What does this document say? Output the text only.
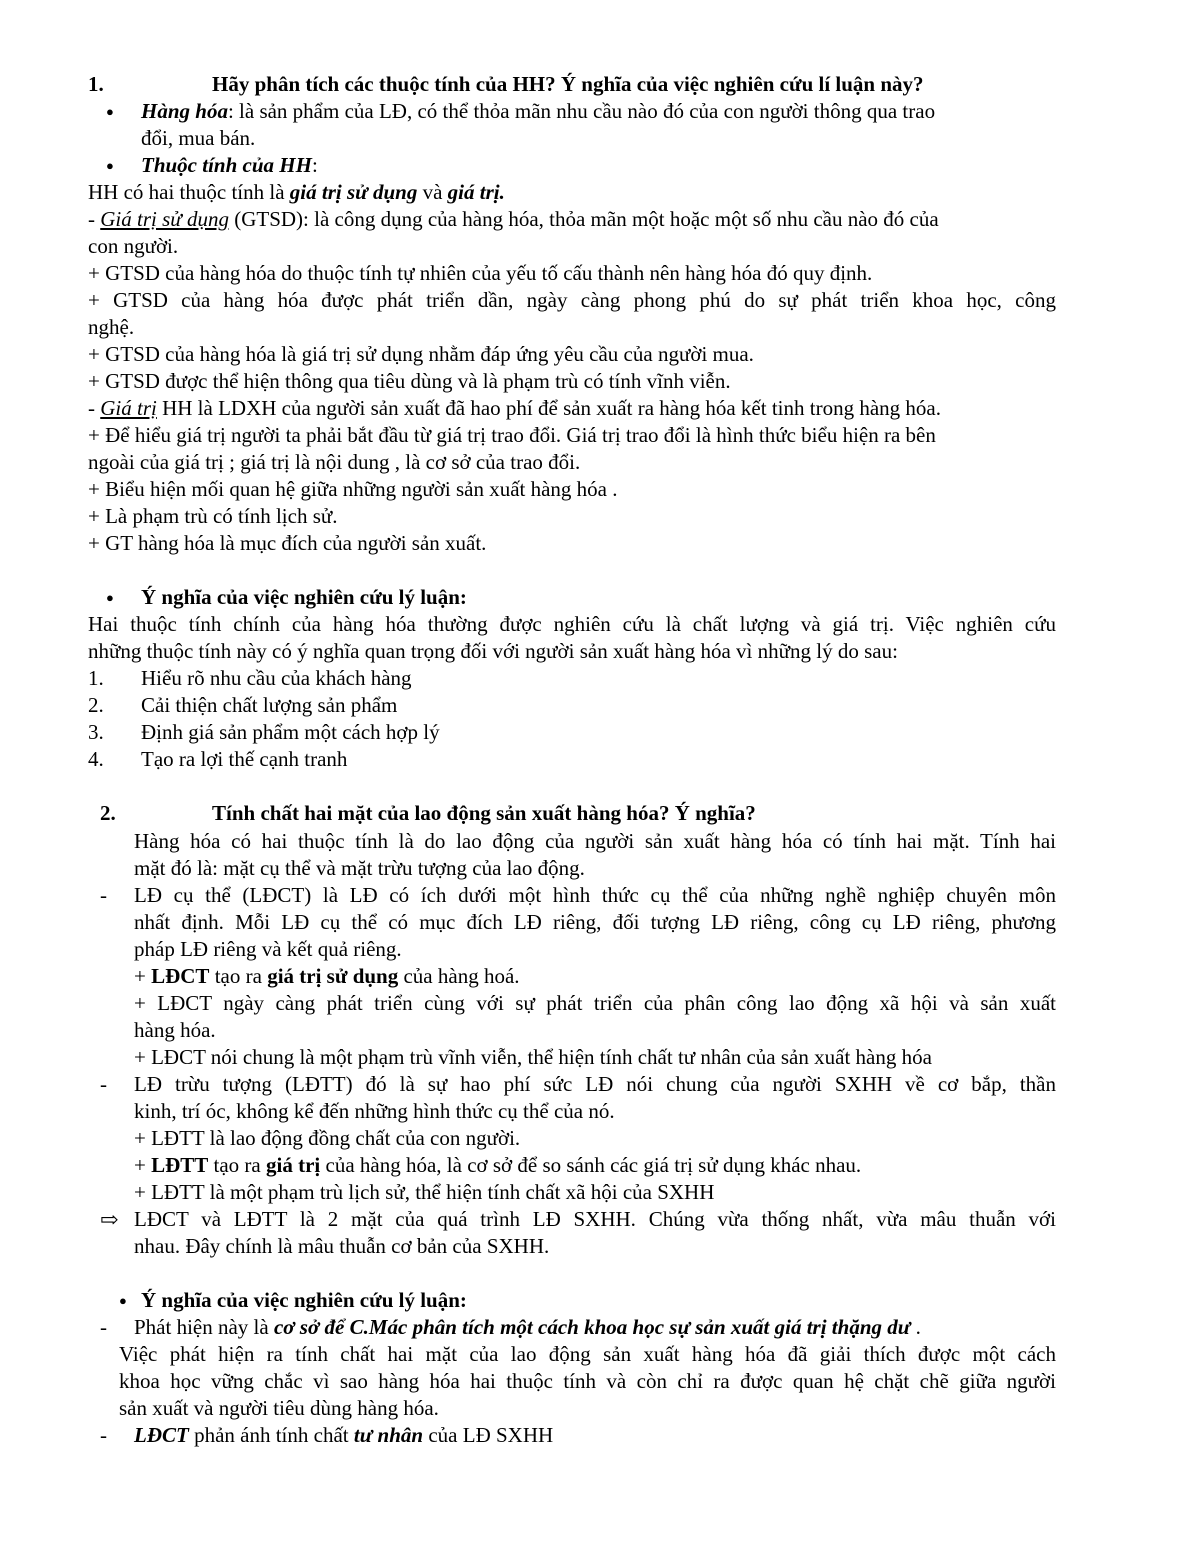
1.	Hãy phân tích các thuộc tính của HH? Ý nghĩa của việc nghiên cứu lí luận này?
● Hàng hóa: là sản phẩm của LĐ, có thể thỏa mãn nhu cầu nào đó của con người thông qua trao
đổi, mua bán.
● Thuộc tính của HH:
HH có hai thuộc tính là giá trị sử dụng và giá trị.
- Giá trị sử dụng (GTSD): là công dụng của hàng hóa, thỏa mãn một hoặc một số nhu cầu nào đó của
con người.
+ GTSD của hàng hóa do thuộc tính tự nhiên của yếu tố cấu thành nên hàng hóa đó quy định.
+ GTSD của hàng hóa được phát triển dần, ngày càng phong phú do sự phát triển khoa học, công
nghệ.
+ GTSD của hàng hóa là giá trị sử dụng nhằm đáp ứng yêu cầu của người mua.
+ GTSD được thể hiện thông qua tiêu dùng và là phạm trù có tính vĩnh viễn.
- Giá trị HH là LDXH của người sản xuất đã hao phí để sản xuất ra hàng hóa kết tinh trong hàng hóa.
+ Để hiểu giá trị người ta phải bắt đầu từ giá trị trao đổi. Giá trị trao đổi là hình thức biểu hiện ra bên
ngoài của giá trị ; giá trị là nội dung , là cơ sở của trao đổi.
+ Biểu hiện mối quan hệ giữa những người sản xuất hàng hóa .
+ Là phạm trù có tính lịch sử.
+ GT hàng hóa là mục đích của người sản xuất.
● Ý nghĩa của việc nghiên cứu lý luận:
Hai thuộc tính chính của hàng hóa thường được nghiên cứu là chất lượng và giá trị. Việc nghiên cứu
những thuộc tính này có ý nghĩa quan trọng đối với người sản xuất hàng hóa vì những lý do sau:
1. Hiểu rõ nhu cầu của khách hàng
2. Cải thiện chất lượng sản phẩm
3. Định giá sản phẩm một cách hợp lý
4. Tạo ra lợi thế cạnh tranh
2.	Tính chất hai mặt của lao động sản xuất hàng hóa? Ý nghĩa?
Hàng hóa có hai thuộc tính là do lao động của người sản xuất hàng hóa có tính hai mặt. Tính hai
mặt đó là: mặt cụ thể và mặt trừu tượng của lao động.
- LĐ cụ thể (LĐCT) là LĐ có ích dưới một hình thức cụ thể của những nghề nghiệp chuyên môn
nhất định. Mỗi LĐ cụ thể có mục đích LĐ riêng, đối tượng LĐ riêng, công cụ LĐ riêng, phương
pháp LĐ riêng và kết quả riêng.
+ LĐCT tạo ra giá trị sử dụng của hàng hoá.
+ LĐCT ngày càng phát triển cùng với sự phát triển của phân công lao động xã hội và sản xuất
hàng hóa.
+ LĐCT nói chung là một phạm trù vĩnh viễn, thể hiện tính chất tư nhân của sản xuất hàng hóa
- LĐ trừu tượng (LĐTT) đó là sự hao phí sức LĐ nói chung của người SXHH về cơ bắp, thần
kinh, trí óc, không kể đến những hình thức cụ thể của nó.
+ LĐTT là lao động đồng chất của con người.
+ LĐTT tạo ra giá trị của hàng hóa, là cơ sở để so sánh các giá trị sử dụng khác nhau.
+ LĐTT là một phạm trù lịch sử, thể hiện tính chất xã hội của SXHH
⇨ LĐCT và LĐTT là 2 mặt của quá trình LĐ SXHH. Chúng vừa thống nhất, vừa mâu thuẫn với
nhau. Đây chính là mâu thuẫn cơ bản của SXHH.
● Ý nghĩa của việc nghiên cứu lý luận:
- Phát hiện này là cơ sở để C.Mác phân tích một cách khoa học sự sản xuất giá trị thặng dư .
Việc phát hiện ra tính chất hai mặt của lao động sản xuất hàng hóa đã giải thích được một cách
khoa học vững chắc vì sao hàng hóa hai thuộc tính và còn chỉ ra được quan hệ chặt chẽ giữa người
sản xuất và người tiêu dùng hàng hóa.
- LĐCT phản ánh tính chất tư nhân của LĐ SXHH
